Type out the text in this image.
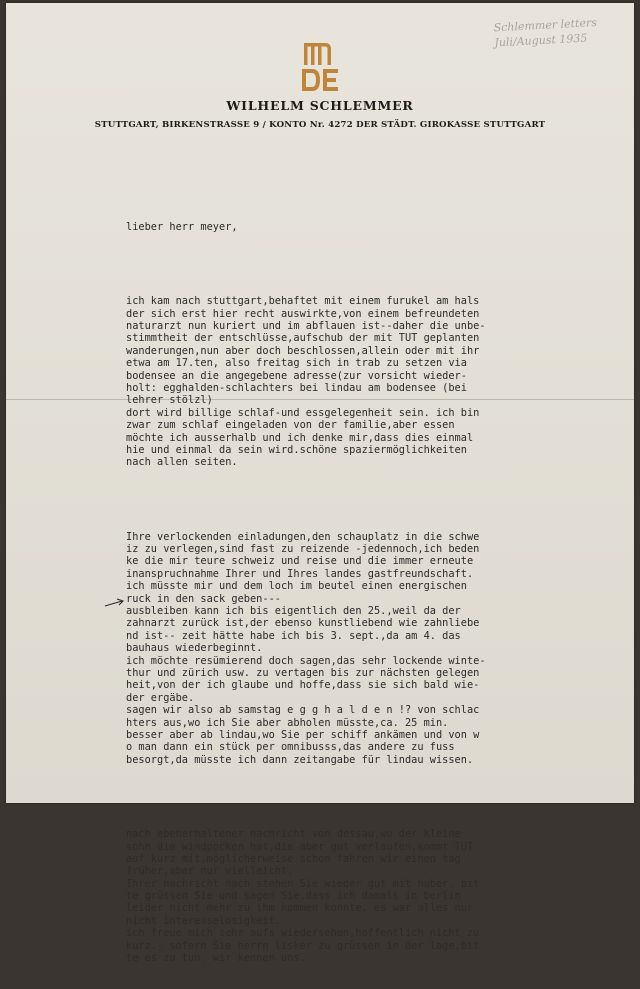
Schlemmer letters
Juli/August 1935
WILHELM SCHLEMMER
STUTTGART, BIRKENSTRASSE 9 / KONTO Nr. 4272 DER STÄDT. GIROKASSE STUTTGART

lieber herr meyer,

ich kam nach stuttgart,behaftet mit einem furukel am hals
der sich erst hier recht auswirkte,von einem befreundeten
naturarzt nun kuriert und im abflauen ist--daher die unbe-
stimmtheit der entschlüsse,aufschub der mit TUT geplanten
wanderungen,nun aber doch beschlossen,allein oder mit ihr
etwa am 17.ten, also freitag sich in trab zu setzen via
bodensee an die angegebene adresse(zur vorsicht wieder-
holt: egghalden-schlachters bei lindau am bodensee (bei
lehrer stölzl)
dort wird billige schlaf-und essgelegenheit sein. ich bin
zwar zum schlaf eingeladen von der familie,aber essen
möchte ich ausserhalb und ich denke mir,dass dies einmal
hie und einmal da sein wird.schöne spaziermöglichkeiten
nach allen seiten.

Ihre verlockenden einladungen,den schauplatz in die schwe
iz zu verlegen,sind fast zu reizende -jedennoch,ich beden
ke die mir teure schweiz und reise und die immer erneute
inanspruchnahme Ihrer und Ihres landes gastfreundschaft.
ich müsste mir und dem loch im beutel einen energischen
ruck in den sack geben---
ausbleiben kann ich bis eigentlich den 25.,weil da der
zahnarzt zurück ist,der ebenso kunstliebend wie zahnliebe
nd ist-- zeit hätte habe ich bis 3. sept.,da am 4. das
bauhaus wiederbeginnt.
ich möchte resümierend doch sagen,das sehr lockende winte-
thur und zürich usw. zu vertagen bis zur nächsten gelegen
heit,von der ich glaube und hoffe,dass sie sich bald wie-
der ergäbe.
sagen wir also ab samstag e g g h a l d e n !? von schlac
hters aus,wo ich Sie aber abholen müsste,ca. 25 min.
besser aber ab lindau,wo Sie per schiff ankämen und von w
o man dann ein stück per omnibusss,das andere zu fuss
besorgt,da müsste ich dann zeitangabe für lindau wissen.

nach ebenerhaltener nachricht von dessau,wo der kleine
sohn die windpocken hat,die aber gut verlaufen,kommt TUT
auf kurz mit,möglicherweise schon fahren wir einen tag
früher,aber nur vielleicht.
Ihrer nachricht nach stehen Sie wieder gut mit huber. bit
te grüssen Sie und sagen Sie,dass ich damals in berlin
leider nicht mehr zu ihm kommen konnte. es war alles nur
nicht interesselosigkeit.
ich freue mich sehr aufs wiedersehen,hoffentlich nicht zu
kurz.- sofern Sie herrn lisker zu grüssen in der lage,bit
te es zu tun. wir kennen uns.
